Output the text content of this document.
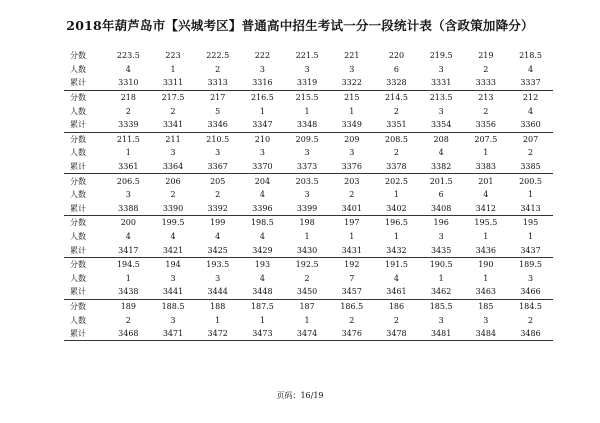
2018年葫芦岛市【兴城考区】普通高中招生考试一分一段统计表（含政策加降分）
分数	223.5	223	222.5	222	221.5	221	220	219.5	219	218.5
人数	4	1	2	3	3	3	6	3	2	4
累计	3310	3311	3313	3316	3319	3322	3328	3331	3333	3337
分数	218	217.5	217	216.5	215.5	215	214.5	213.5	213	212
人数	2	2	5	1	1	1	2	3	2	4
累计	3339	3341	3346	3347	3348	3349	3351	3354	3356	3360
分数	211.5	211	210.5	210	209.5	209	208.5	208	207.5	207
人数	1	3	3	3	3	3	2	4	1	2
累计	3361	3364	3367	3370	3373	3376	3378	3382	3383	3385
分数	206.5	206	205	204	203.5	203	202.5	201.5	201	200.5
人数	3	2	2	4	3	2	1	6	4	1
累计	3388	3390	3392	3396	3399	3401	3402	3408	3412	3413
分数	200	199.5	199	198.5	198	197	196.5	196	195.5	195
人数	4	4	4	4	1	1	1	3	1	1
累计	3417	3421	3425	3429	3430	3431	3432	3435	3436	3437
分数	194.5	194	193.5	193	192.5	192	191.5	190.5	190	189.5
人数	1	3	3	4	2	7	4	1	1	3
累计	3438	3441	3444	3448	3450	3457	3461	3462	3463	3466
分数	189	188.5	188	187.5	187	186.5	186	185.5	185	184.5
人数	2	3	1	1	1	2	2	3	3	2
累计	3468	3471	3472	3473	3474	3476	3478	3481	3484	3486
页码：16/19
